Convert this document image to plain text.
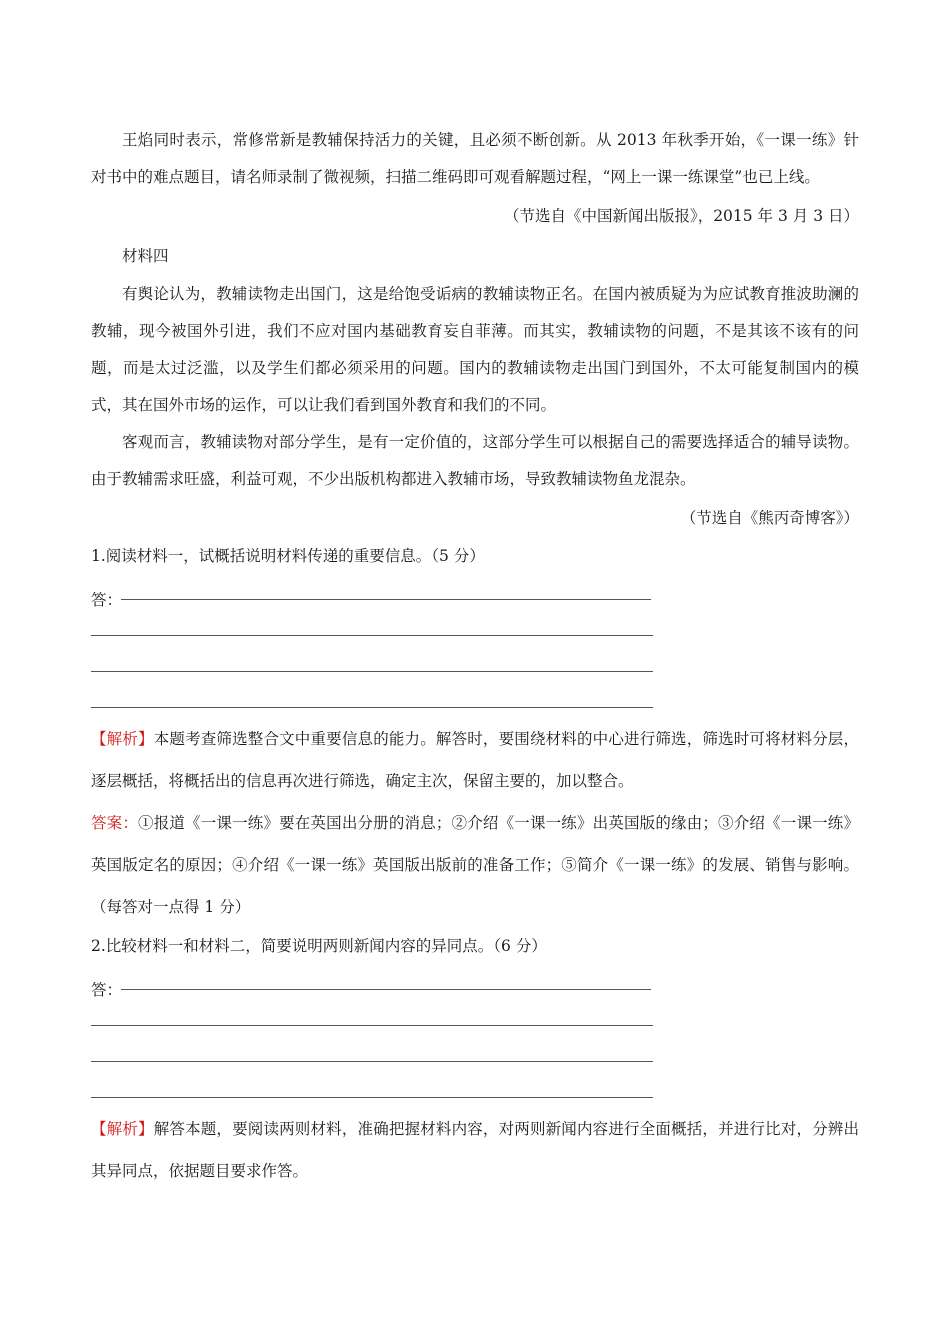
王焰同时表示，常修常新是教辅保持活力的关键，且必须不断创新。从 2013 年秋季开始，《一课一练》针对书中的难点题目，请名师录制了微视频，扫描二维码即可观看解题过程，“网上一课一练课堂”也已上线。

（节选自《中国新闻出版报》，2015 年 3 月 3 日）

材料四

有舆论认为，教辅读物走出国门，这是给饱受诟病的教辅读物正名。在国内被质疑为为应试教育推波助澜的教辅，现今被国外引进，我们不应对国内基础教育妄自菲薄。而其实，教辅读物的问题，不是其该不该有的问题，而是太过泛滥，以及学生们都必须采用的问题。国内的教辅读物走出国门到国外，不太可能复制国内的模式，其在国外市场的运作，可以让我们看到国外教育和我们的不同。

客观而言，教辅读物对部分学生，是有一定价值的，这部分学生可以根据自己的需要选择适合的辅导读物。由于教辅需求旺盛，利益可观，不少出版机构都进入教辅市场，导致教辅读物鱼龙混杂。

（节选自《熊丙奇博客》）

1.阅读材料一，试概括说明材料传递的重要信息。（5 分）

答：

【解析】本题考查筛选整合文中重要信息的能力。解答时，要围绕材料的中心进行筛选，筛选时可将材料分层，逐层概括，将概括出的信息再次进行筛选，确定主次，保留主要的，加以整合。

答案：①报道《一课一练》要在英国出分册的消息；②介绍《一课一练》出英国版的缘由；③介绍《一课一练》英国版定名的原因；④介绍《一课一练》英国版出版前的准备工作；⑤简介《一课一练》的发展、销售与影响。（每答对一点得 1 分）

2.比较材料一和材料二，简要说明两则新闻内容的异同点。（6 分）

答：

【解析】解答本题，要阅读两则材料，准确把握材料内容，对两则新闻内容进行全面概括，并进行比对，分辨出其异同点，依据题目要求作答。
